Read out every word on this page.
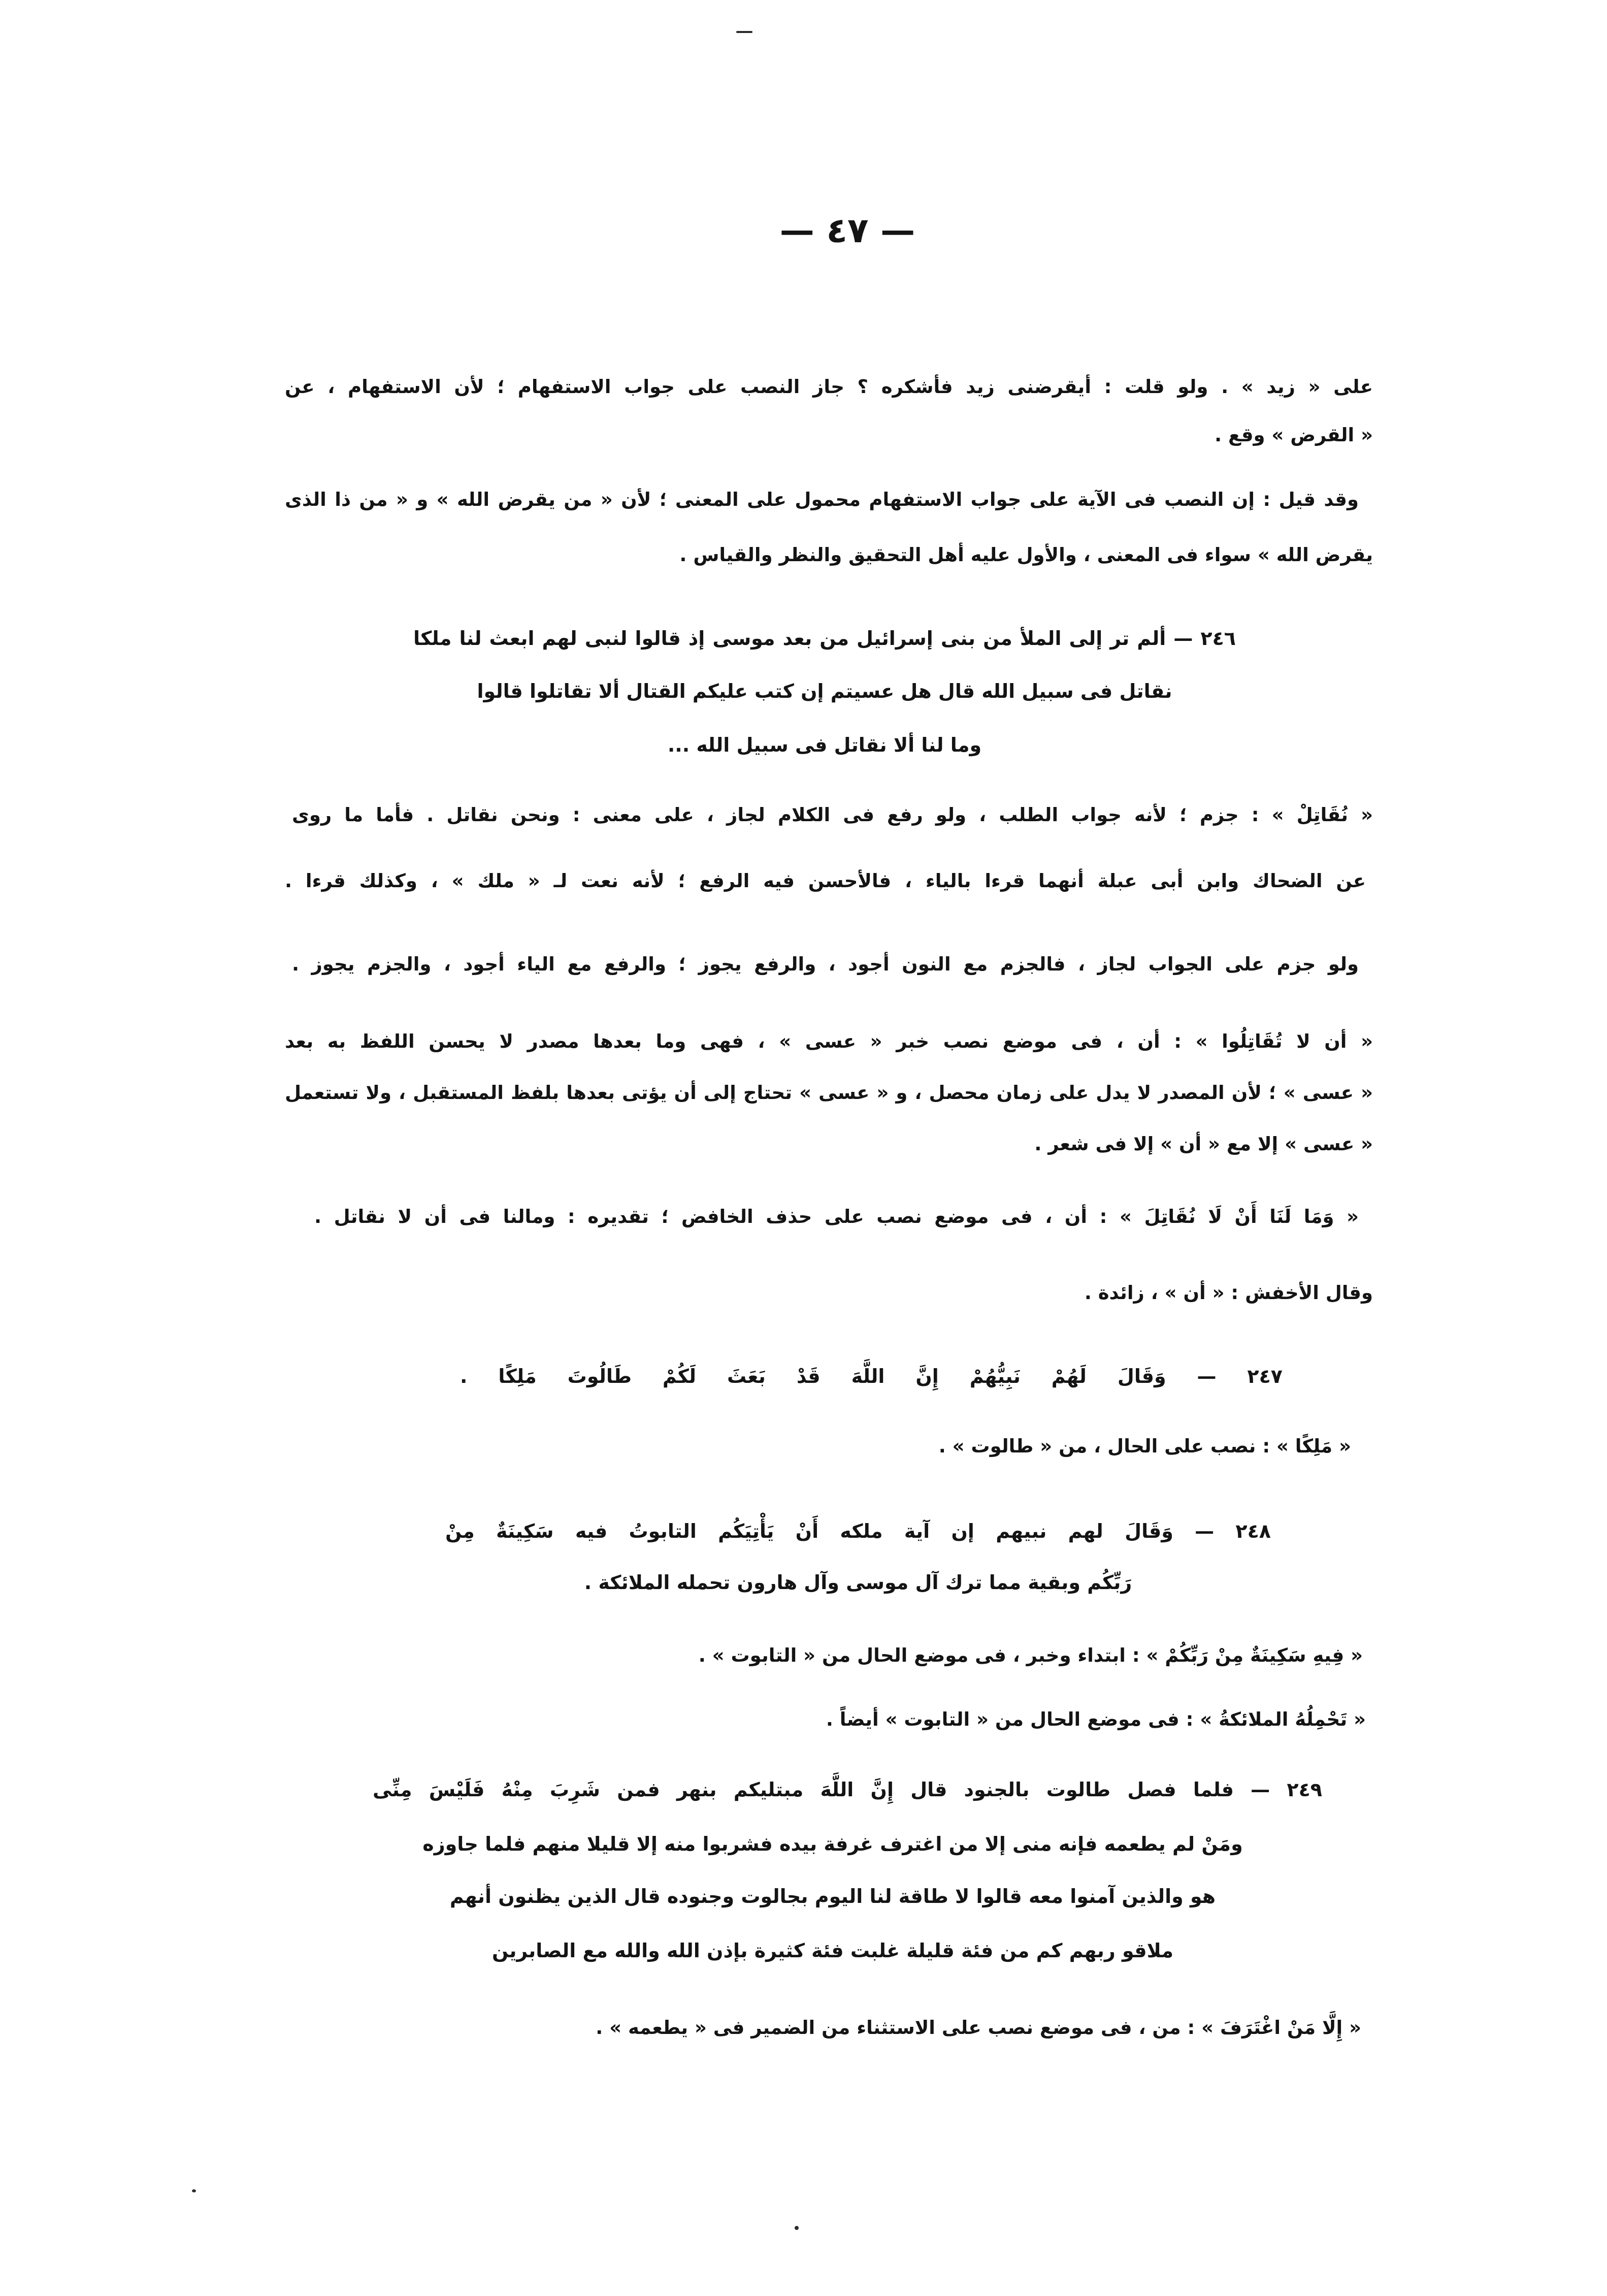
— ٤٧ —
على « زيد » . ولو قلت : أيقرضنى زيد فأشكره ؟ جاز النصب على جواب الاستفهام ؛ لأن الاستفهام ، عن
« القرض » وقع .
وقد قيل : إن النصب فى الآية على جواب الاستفهام محمول على المعنى ؛ لأن « من يقرض الله » و « من ذا الذى
يقرض الله » سواء فى المعنى ، والأول عليه أهل التحقيق والنظر والقياس .
٢٤٦ — ألم تر إلى الملأ من بنى إسرائيل من بعد موسى إذ قالوا لنبى لهم ابعث لنا ملكا
نقاتل فى سبيل الله قال هل عسيتم إن كتب عليكم القتال ألا تقاتلوا قالوا
وما لنا ألا نقاتل فى سبيل الله ...
« نُقَاتِلْ » : جزم ؛ لأنه جواب الطلب ، ولو رفع فى الكلام لجاز ، على معنى : ونحن نقاتل . فأما ما روى
عن الضحاك وابن أبى عبلة أنهما قرءا بالياء ، فالأحسن فيه الرفع ؛ لأنه نعت لـ « ملك » ، وكذلك قرءا .
ولو جزم على الجواب لجاز ، فالجزم مع النون أجود ، والرفع يجوز ؛ والرفع مع الياء أجود ، والجزم يجوز .
« أن لا تُقَاتِلُوا » : أن ، فى موضع نصب خبر « عسى » ، فهى وما بعدها مصدر لا يحسن اللفظ به بعد
« عسى » ؛ لأن المصدر لا يدل على زمان محصل ، و « عسى » تحتاج إلى أن يؤتى بعدها بلفظ المستقبل ، ولا تستعمل
« عسى » إلا مع « أن » إلا فى شعر .
« وَمَا لَنَا أَنْ لَا نُقَاتِلَ » : أن ، فى موضع نصب على حذف الخافض ؛ تقديره : ومالنا فى أن لا نقاتل .
وقال الأخفش : « أن » ، زائدة .
٢٤٧ — وَقَالَ لَهُمْ نَبِيُّهُمْ إِنَّ اللَّهَ قَدْ بَعَثَ لَكُمْ طَالُوتَ مَلِكًا .
« مَلِكًا » : نصب على الحال ، من « طالوت » .
٢٤٨ — وَقَالَ لهم نبيهم إن آية ملكه أَنْ يَأْتِيَكُم التابوتُ فيه سَكِينَةٌ مِنْ
رَبِّكُم وبقية مما ترك آل موسى وآل هارون تحمله الملائكة .
« فِيهِ سَكِينَةٌ مِنْ رَبِّكُمْ » : ابتداء وخبر ، فى موضع الحال من « التابوت » .
« تَحْمِلُهُ الملائكةُ » : فى موضع الحال من « التابوت » أيضاً .
٢٤٩ — فلما فصل طالوت بالجنود قال إِنَّ اللَّهَ مبتليكم بنهر فمن شَرِبَ مِنْهُ فَلَيْسَ مِنِّى
ومَنْ لم يطعمه فإنه منى إلا من اغترف غرفة بيده فشربوا منه إلا قليلا منهم فلما جاوزه
هو والذين آمنوا معه قالوا لا طاقة لنا اليوم بجالوت وجنوده قال الذين يظنون أنهم
ملاقو ربهم كم من فئة قليلة غلبت فئة كثيرة بإذن الله والله مع الصابرين
« إِلَّا مَنْ اغْتَرَفَ » : من ، فى موضع نصب على الاستثناء من الضمير فى « يطعمه » .
